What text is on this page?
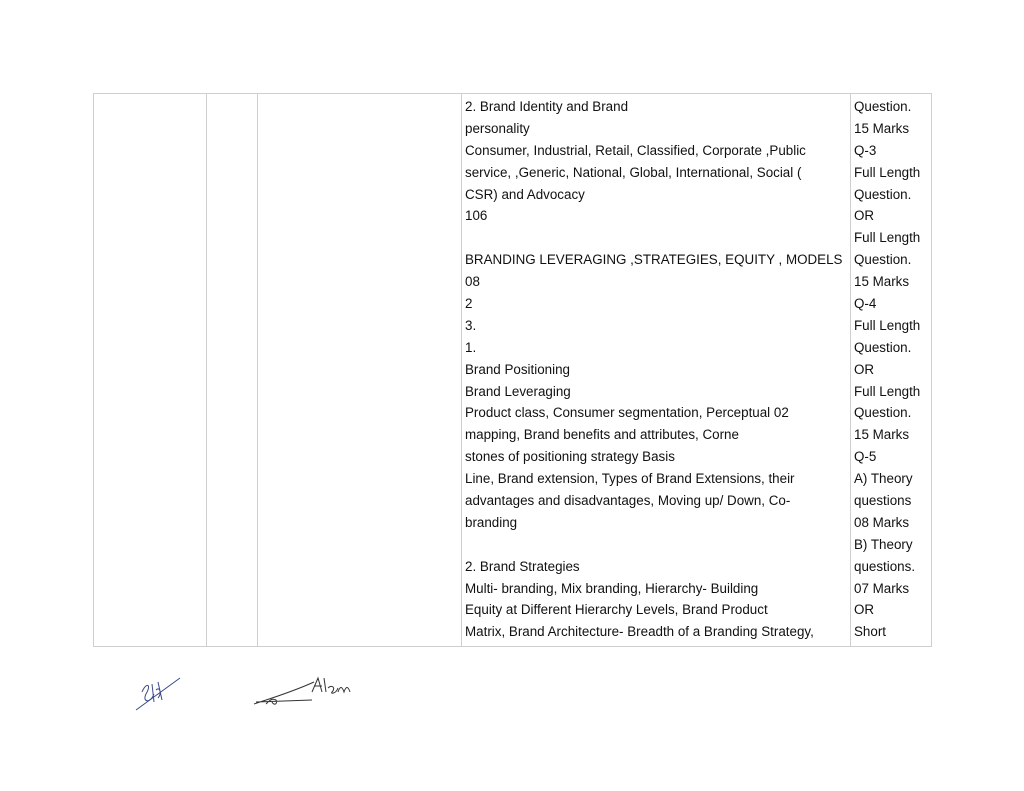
2. Brand Identity and Brand
personality
Consumer, Industrial, Retail, Classified, Corporate ,Public
service, ,Generic, National, Global, International, Social (
CSR) and Advocacy
106

BRANDING LEVERAGING ,STRATEGIES, EQUITY , MODELS
08
2
3.
1.
Brand Positioning
Brand Leveraging
Product class, Consumer segmentation, Perceptual 02
mapping, Brand benefits and attributes, Corne
stones of positioning strategy Basis
Line, Brand extension, Types of Brand Extensions, their
advantages and disadvantages, Moving up/ Down, Co-
branding

2. Brand Strategies
Multi- branding, Mix branding, Hierarchy- Building
Equity at Different Hierarchy Levels, Brand Product
Matrix, Brand Architecture- Breadth of a Branding Strategy,

Question.
15 Marks
Q-3
Full Length
Question.
OR
Full Length
Question.
15 Marks
Q-4
Full Length
Question.
OR
Full Length
Question.
15 Marks
Q-5
A) Theory
questions
08 Marks
B) Theory
questions.
07 Marks
OR
Short
